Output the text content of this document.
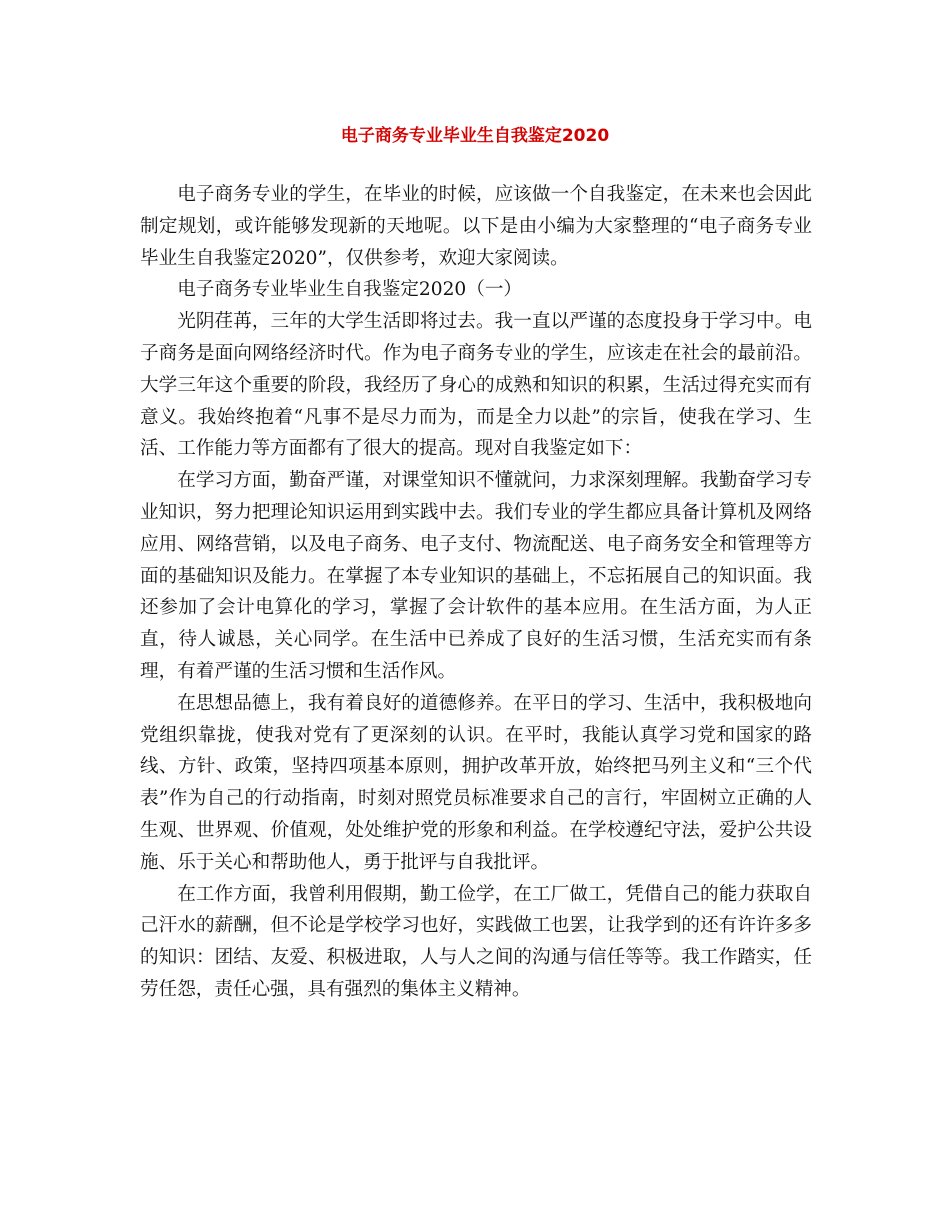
电子商务专业毕业生自我鉴定2020

电子商务专业的学生，在毕业的时候，应该做一个自我鉴定，在未来也会因此制定规划，或许能够发现新的天地呢。以下是由小编为大家整理的“电子商务专业毕业生自我鉴定2020”，仅供参考，欢迎大家阅读。

电子商务专业毕业生自我鉴定2020（一）

光阴荏苒，三年的大学生活即将过去。我一直以严谨的态度投身于学习中。电子商务是面向网络经济时代。作为电子商务专业的学生，应该走在社会的最前沿。大学三年这个重要的阶段，我经历了身心的成熟和知识的积累，生活过得充实而有意义。我始终抱着“凡事不是尽力而为，而是全力以赴”的宗旨，使我在学习、生活、工作能力等方面都有了很大的提高。现对自我鉴定如下：

在学习方面，勤奋严谨，对课堂知识不懂就问，力求深刻理解。我勤奋学习专业知识，努力把理论知识运用到实践中去。我们专业的学生都应具备计算机及网络应用、网络营销，以及电子商务、电子支付、物流配送、电子商务安全和管理等方面的基础知识及能力。在掌握了本专业知识的基础上，不忘拓展自己的知识面。我还参加了会计电算化的学习，掌握了会计软件的基本应用。在生活方面，为人正直，待人诚恳，关心同学。在生活中已养成了良好的生活习惯，生活充实而有条理，有着严谨的生活习惯和生活作风。

在思想品德上，我有着良好的道德修养。在平日的学习、生活中，我积极地向党组织靠拢，使我对党有了更深刻的认识。在平时，我能认真学习党和国家的路线、方针、政策，坚持四项基本原则，拥护改革开放，始终把马列主义和“三个代表”作为自己的行动指南，时刻对照党员标准要求自己的言行，牢固树立正确的人生观、世界观、价值观，处处维护党的形象和利益。在学校遵纪守法，爱护公共设施、乐于关心和帮助他人，勇于批评与自我批评。

在工作方面，我曾利用假期，勤工俭学，在工厂做工，凭借自己的能力获取自己汗水的薪酬，但不论是学校学习也好，实践做工也罢，让我学到的还有许许多多的知识：团结、友爱、积极进取，人与人之间的沟通与信任等等。我工作踏实，任劳任怨，责任心强，具有强烈的集体主义精神。
